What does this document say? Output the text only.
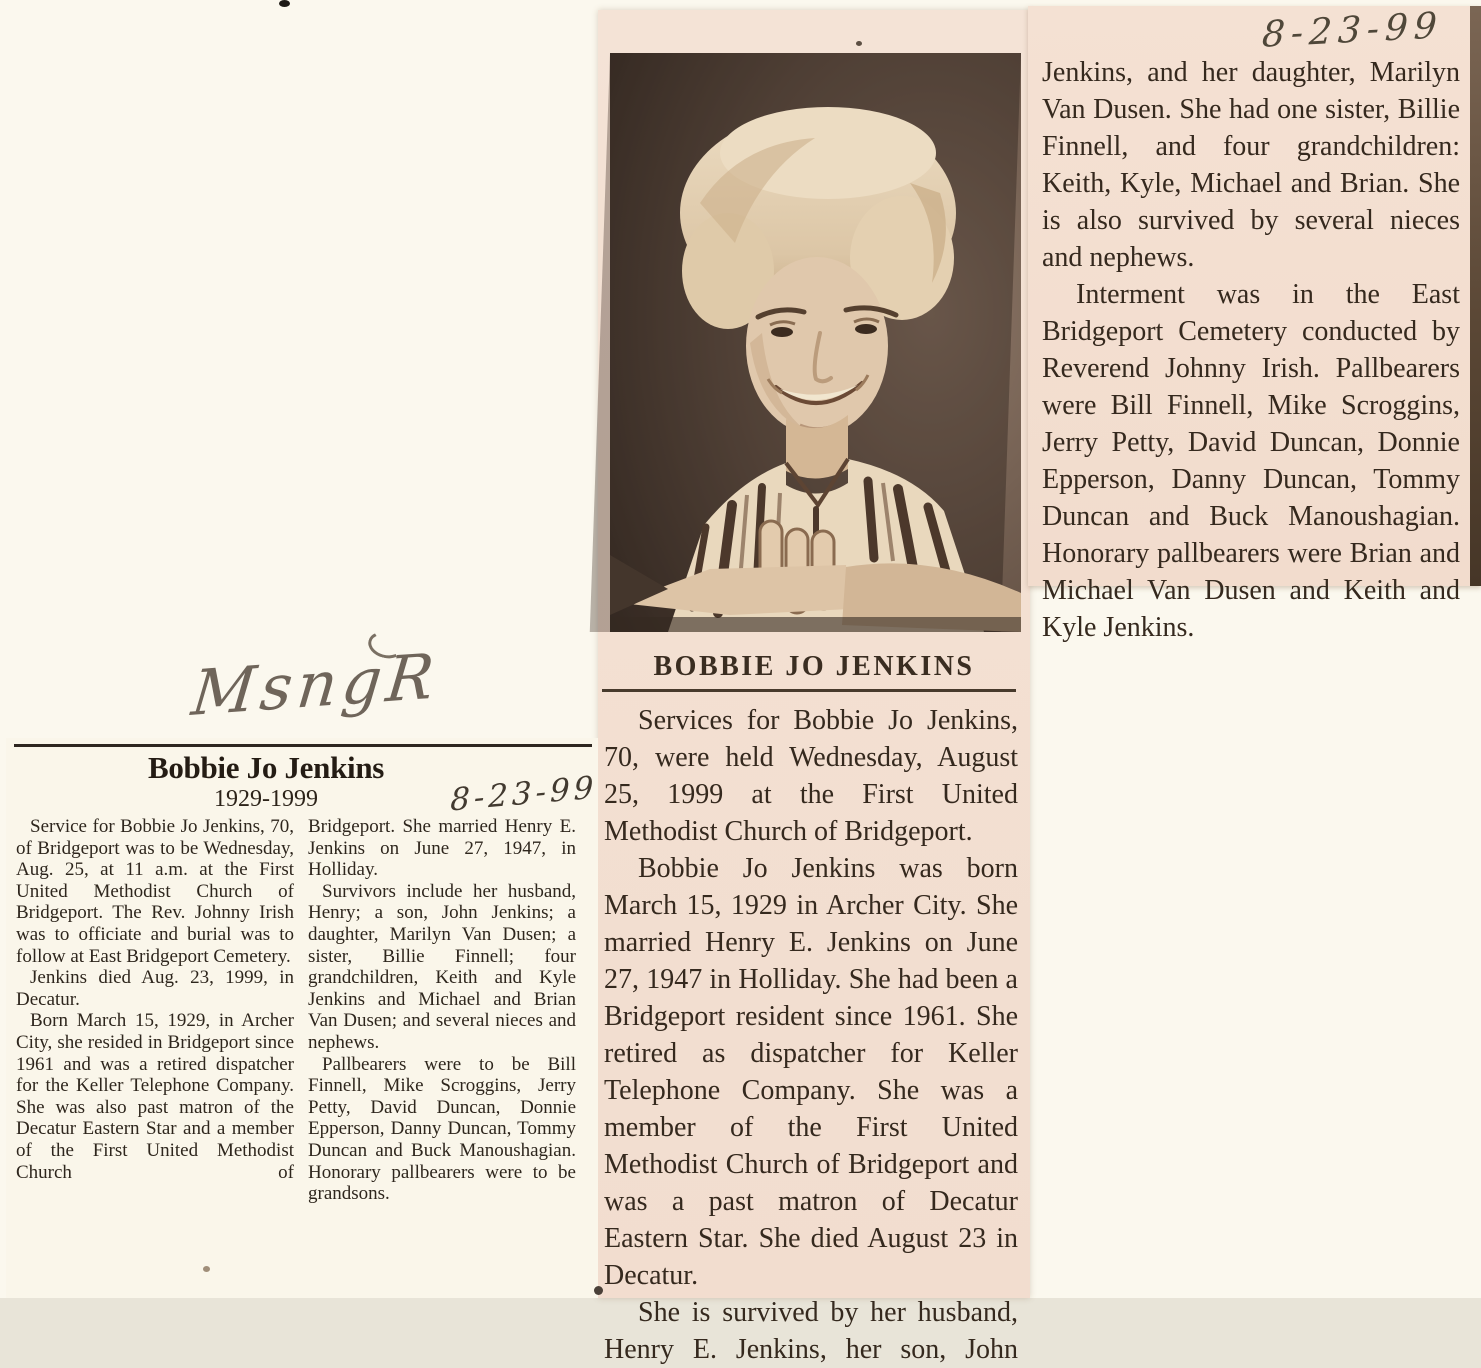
Jenkins, and her daughter, Marilyn Van Dusen. She had one sister, Billie Finnell, and four grandchildren: Keith, Kyle, Michael and Brian. She is also survived by several nieces and nephews.

Interment was in the East Bridgeport Cemetery conducted by Reverend Johnny Irish. Pallbearers were Bill Finnell, Mike Scroggins, Jerry Petty, David Duncan, Donnie Epperson, Danny Duncan, Tommy Duncan and Buck Manoushagian. Honorary pallbearers were Brian and Michael Van Dusen and Keith and Kyle Jenkins.

BOBBIE JO JENKINS

Services for Bobbie Jo Jenkins, 70, were held Wednesday, August 25, 1999 at the First United Methodist Church of Bridgeport.

Bobbie Jo Jenkins was born March 15, 1929 in Archer City. She married Henry E. Jenkins on June 27, 1947 in Holliday. She had been a Bridgeport resident since 1961. She retired as dispatcher for Keller Telephone Company. She was a member of the First United Methodist Church of Bridgeport and was a past matron of Decatur Eastern Star. She died August 23 in Decatur.

She is survived by her husband, Henry E. Jenkins, her son, John

Bobbie Jo Jenkins
1929-1999

Service for Bobbie Jo Jenkins, 70, of Bridgeport was to be Wednesday, Aug. 25, at 11 a.m. at the First United Methodist Church of Bridgeport. The Rev. Johnny Irish was to officiate and burial was to follow at East Bridgeport Cemetery.

Jenkins died Aug. 23, 1999, in Decatur.

Born March 15, 1929, in Archer City, she resided in Bridgeport since 1961 and was a retired dispatcher for the Keller Telephone Company. She was also past matron of the Decatur Eastern Star and a member of the First United Methodist Church of

Bridgeport. She married Henry E. Jenkins on June 27, 1947, in Holliday.

Survivors include her husband, Henry; a son, John Jenkins; a daughter, Marilyn Van Dusen; a sister, Billie Finnell; four grandchildren, Keith and Kyle Jenkins and Michael and Brian Van Dusen; and several nieces and nephews.

Pallbearers were to be Bill Finnell, Mike Scroggins, Jerry Petty, David Duncan, Donnie Epperson, Danny Duncan, Tommy Duncan and Buck Manoushagian. Honorary pallbearers were to be grandsons.

8-23-99
8-23-99
MsngR
